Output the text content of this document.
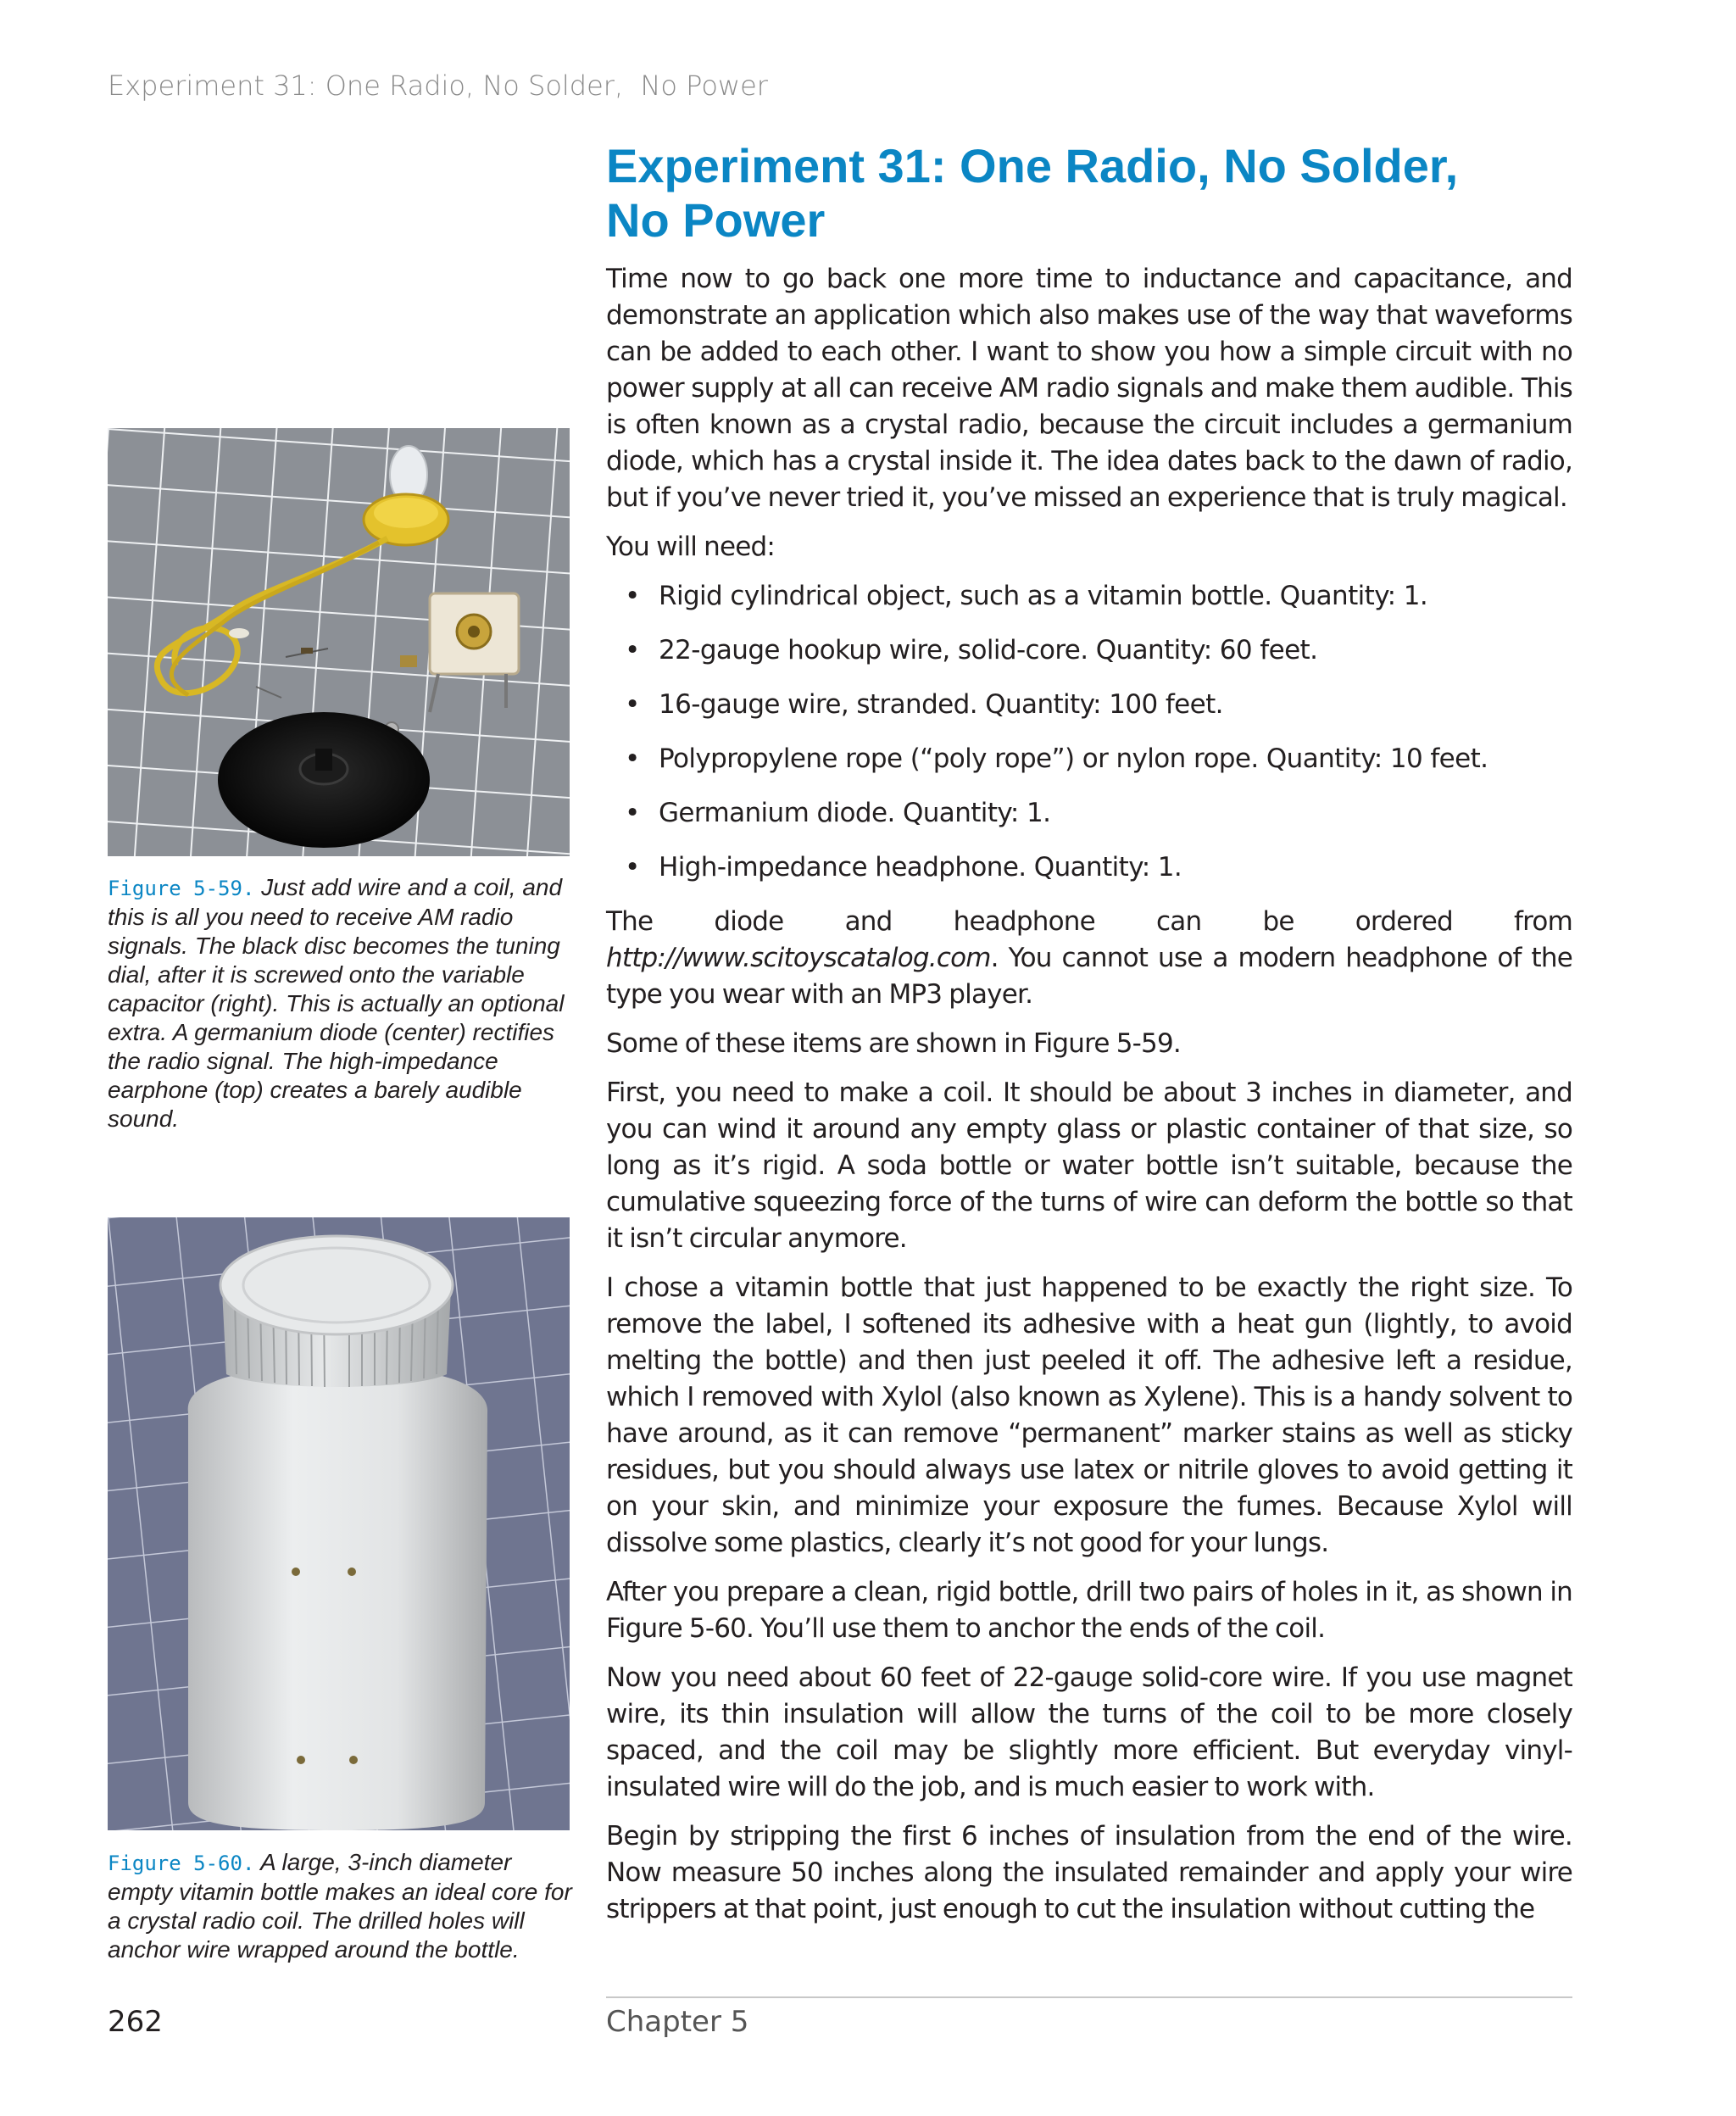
Experiment 31: One Radio, No Solder,  No Power
Experiment 31: One Radio, No Solder,
No Power

Time now to go back one more time to inductance and capacitance, and demonstrate an application which also makes use of the way that waveforms can be added to each other. I want to show you how a simple circuit with no power supply at all can receive AM radio signals and make them audible. This is often known as a crystal radio, because the circuit includes a germanium diode, which has a crystal inside it. The idea dates back to the dawn of radio, but if you’ve never tried it, you’ve missed an experience that is truly magical.

You will need:

• Rigid cylindrical object, such as a vitamin bottle. Quantity: 1.
• 22-gauge hookup wire, solid-core. Quantity: 60 feet.
• 16-gauge wire, stranded. Quantity: 100 feet.
• Polypropylene rope (“poly rope”) or nylon rope. Quantity: 10 feet.
• Germanium diode. Quantity: 1.
• High-impedance headphone. Quantity: 1.

The diode and headphone can be ordered from http://www.scitoyscatalog.com. You cannot use a modern headphone of the type you wear with an MP3 player.

Some of these items are shown in Figure 5-59.

First, you need to make a coil. It should be about 3 inches in diameter, and you can wind it around any empty glass or plastic container of that size, so long as it’s rigid. A soda bottle or water bottle isn’t suitable, because the cumulative squeezing force of the turns of wire can deform the bottle so that it isn’t circular anymore.

I chose a vitamin bottle that just happened to be exactly the right size. To remove the label, I softened its adhesive with a heat gun (lightly, to avoid melting the bottle) and then just peeled it off. The adhesive left a residue, which I removed with Xylol (also known as Xylene). This is a handy solvent to have around, as it can remove “permanent” marker stains as well as sticky residues, but you should always use latex or nitrile gloves to avoid getting it on your skin, and minimize your exposure the fumes. Because Xylol will dissolve some plastics, clearly it’s not good for your lungs.

After you prepare a clean, rigid bottle, drill two pairs of holes in it, as shown in Figure 5-60. You’ll use them to anchor the ends of the coil.

Now you need about 60 feet of 22-gauge solid-core wire. If you use magnet wire, its thin insulation will allow the turns of the coil to be more closely spaced, and the coil may be slightly more efficient. But everyday vinyl-insulated wire will do the job, and is much easier to work with.

Begin by stripping the first 6 inches of insulation from the end of the wire. Now measure 50 inches along the insulated remainder and apply your wire strippers at that point, just enough to cut the insulation without cutting the

Figure 5-59. Just add wire and a coil, and this is all you need to receive AM radio signals. The black disc becomes the tuning dial, after it is screwed onto the variable capacitor (right). This is actually an optional extra. A germanium diode (center) rectifies the radio signal. The high-impedance earphone (top) creates a barely audible sound.
Figure 5-60. A large, 3-inch diameter empty vitamin bottle makes an ideal core for a crystal radio coil. The drilled holes will anchor wire wrapped around the bottle.
262	Chapter 5
